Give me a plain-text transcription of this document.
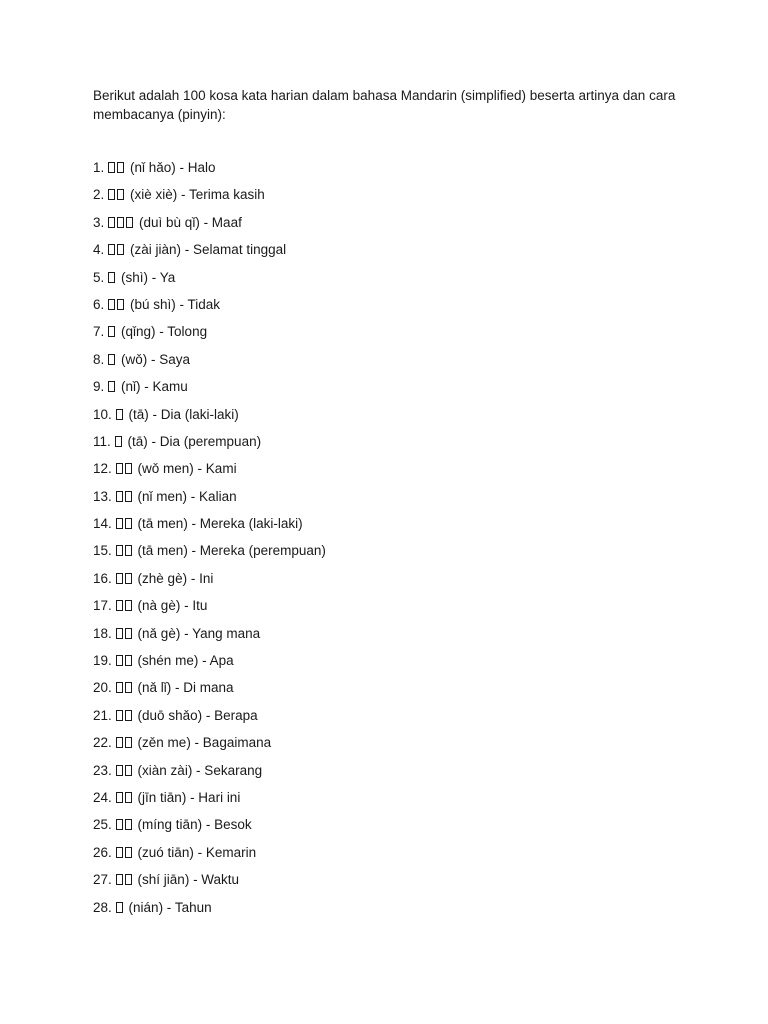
Berikut adalah 100 kosa kata harian dalam bahasa Mandarin (simplified) beserta artinya dan cara membacanya (pinyin):

1. (nǐ hǎo) - Halo
2. (xiè xiè) - Terima kasih
3.	(duì bù qǐ) - Maaf
4. (zài jiàn) - Selamat tinggal
5. (shì) - Ya
6. (bú shì) - Tidak
7. (qǐng) - Tolong
8. (wǒ) - Saya
9. (nǐ) - Kamu
10. (tā) - Dia (laki-laki)
11. (tā) - Dia (perempuan)
12. (wǒ men) - Kami
13. (nǐ men) - Kalian
14. (tā men) - Mereka (laki-laki)
15. (tā men) - Mereka (perempuan)
16. (zhè gè) - Ini
17. (nà gè) - Itu
18. (nǎ gè) - Yang mana
19. (shén me) - Apa
20. (nǎ lǐ) - Di mana
21. (duō shǎo) - Berapa
22. (zěn me) - Bagaimana
23. (xiàn zài) - Sekarang
24. (jīn tiān) - Hari ini
25. (míng tiān) - Besok
26. (zuó tiān) - Kemarin
27. (shí jiān) - Waktu
28. (nián) - Tahun
